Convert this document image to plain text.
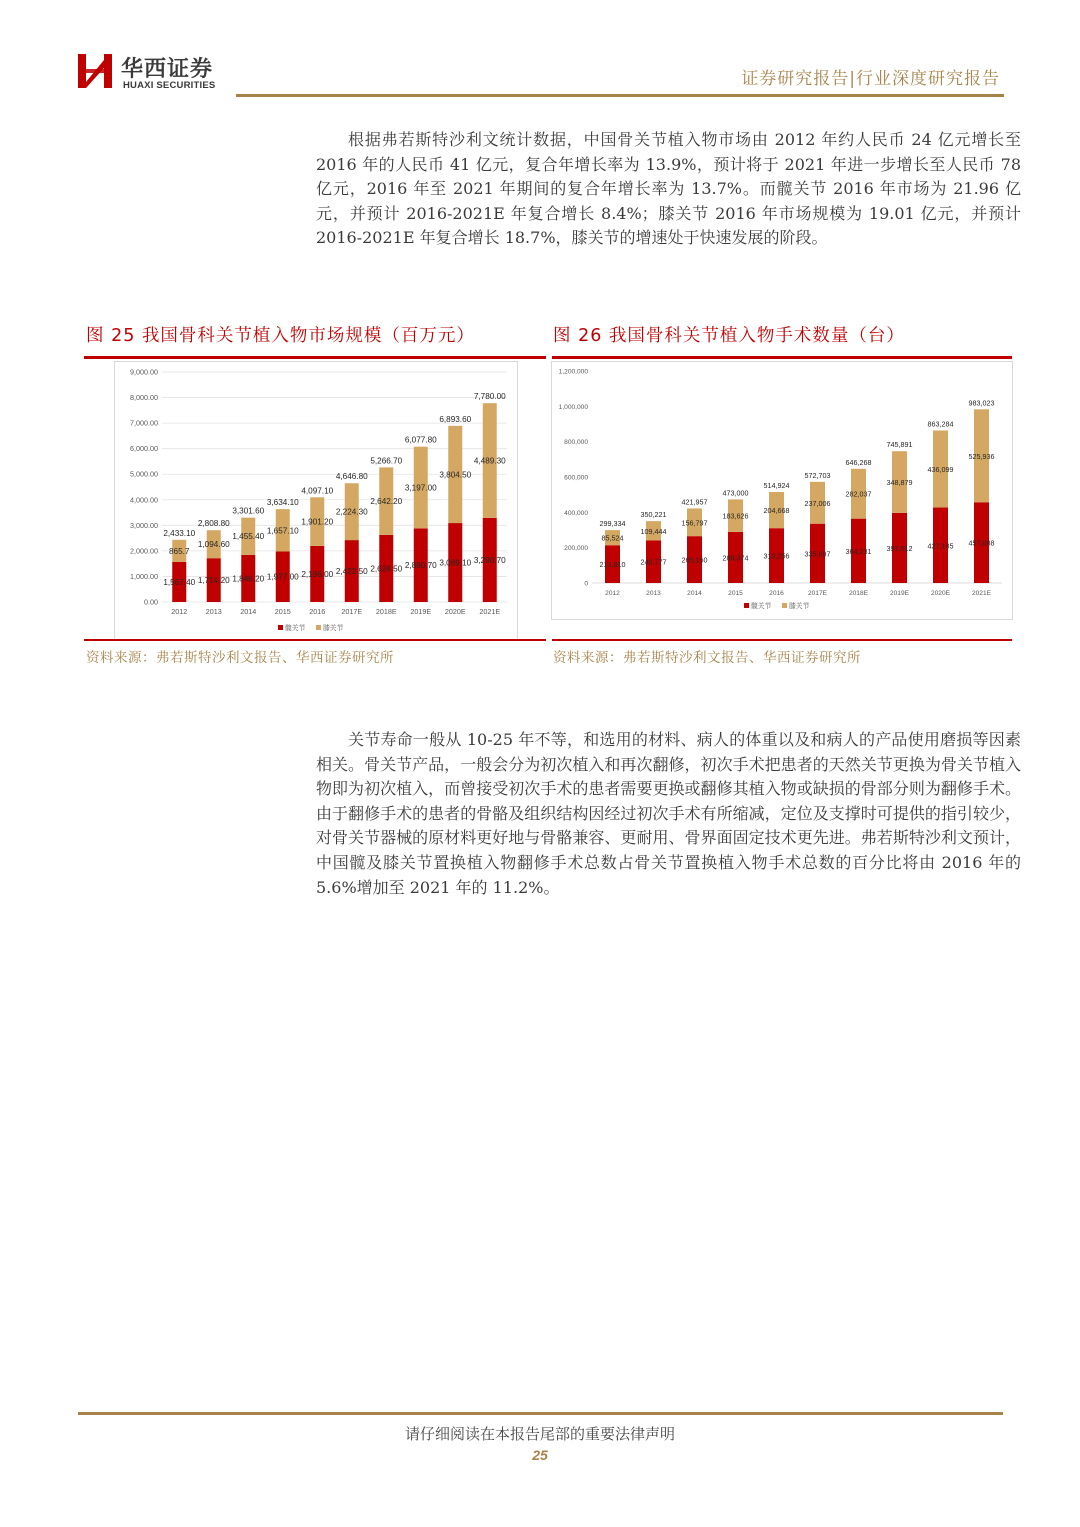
华西证券
HUAXI SECURITIES	证券研究报告|行业深度研究报告

根据弗若斯特沙利文统计数据，中国骨关节植入物市场由 2012 年约人民币 24 亿元增长至 2016 年的人民币 41 亿元，复合年增长率为 13.9%，预计将于 2021 年进一步增长至人民币 78 亿元，2016 年至 2021 年期间的复合年增长率为 13.7%。而髋关节 2016 年市场为 21.96 亿元，并预计 2016-2021E 年复合增长 8.4%；膝关节 2016 年市场规模为 19.01 亿元，并预计 2016-2021E 年复合增长 18.7%，膝关节的增速处于快速发展的阶段。

图 25 我国骨科关节植入物市场规模（百万元）	图 26 我国骨科关节植入物手术数量（台）
0.00
1,000.00
2,000.00
3,000.00
4,000.00
5,000.00
6,000.00
7,000.00
8,000.00
9,000.00
1,567.40
865.7
2,433.10
2012
1,714.20
1,094.60
2,808.80
2013
1,846.20
1,455.40
3,301.60
2014
1,977.00
1,657.10
3,634.10
2015
2,196.00
1,901.20
4,097.10
2016
2,422.50
2,224.30
4,646.80
2017E
2,624.50
2,642.20
5,266.70
2018E
2,880.70
3,197.00
6,077.80
2019E
3,089.10
3,804.50
6,893.60
2020E
3,290.70
4,489.30
7,780.00
2021E
髋关节	膝关节
0
200,000
400,000
600,000
800,000
1,000,000
1,200,000
213,810
85,524
299,334
2012
240,777
109,444
350,221
2013
265,160
156,797
421,957
2014
289,374
183,626
473,000
2015
310,256
204,668
514,924
2016
335,697
237,006
572,703
2017E
364,231
282,037
646,268
2018E
397,012
348,879
745,891
2019E
427,185
436,099
863,284
2020E
457,088
525,936
983,023
2021E
髋关节	膝关节
资料来源：弗若斯特沙利文报告、华西证券研究所	资料来源：弗若斯特沙利文报告、华西证券研究所

关节寿命一般从 10-25 年不等，和选用的材料、病人的体重以及和病人的产品使用磨损等因素相关。骨关节产品，一般会分为初次植入和再次翻修，初次手术把患者的天然关节更换为骨关节植入物即为初次植入，而曾接受初次手术的患者需要更换或翻修其植入物或缺损的骨部分则为翻修手术。由于翻修手术的患者的骨骼及组织结构因经过初次手术有所缩减，定位及支撑时可提供的指引较少，对骨关节器械的原材料更好地与骨骼兼容、更耐用、骨界面固定技术更先进。弗若斯特沙利文预计，中国髋及膝关节置换植入物翻修手术总数占骨关节置换植入物手术总数的百分比将由 2016 年的 5.6%增加至 2021 年的 11.2%。

请仔细阅读在本报告尾部的重要法律声明
25
